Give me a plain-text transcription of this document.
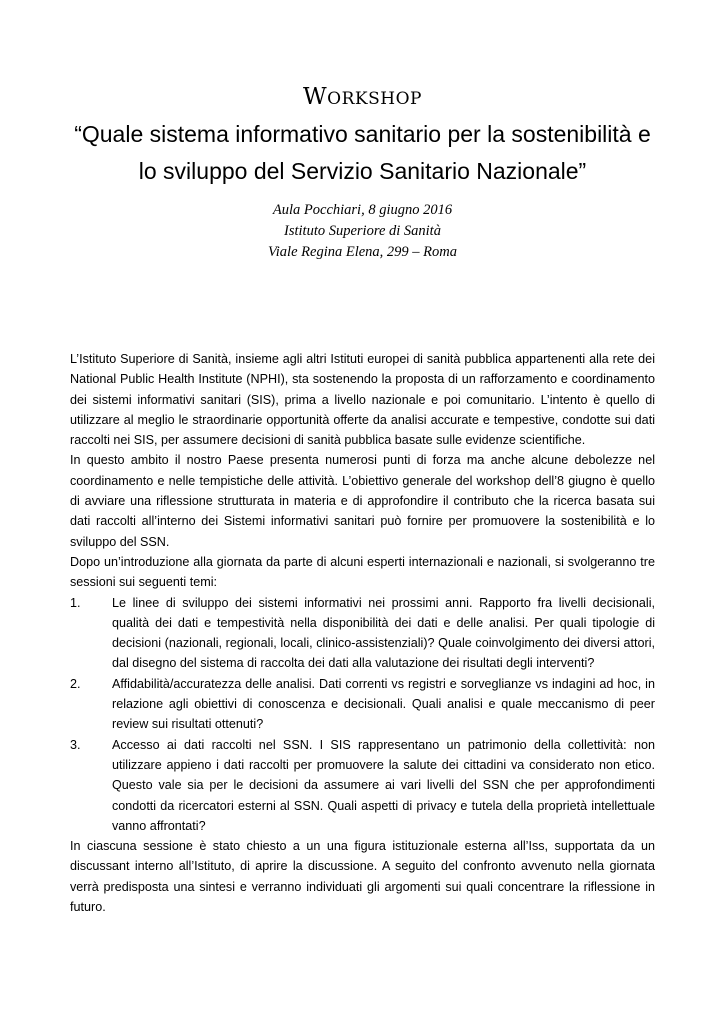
WORKSHOP
“Quale sistema informativo sanitario per la sostenibilità e
lo sviluppo del Servizio Sanitario Nazionale”
Aula Pocchiari, 8 giugno 2016
Istituto Superiore di Sanità
Viale Regina Elena, 299 – Roma

L’Istituto Superiore di Sanità, insieme agli altri Istituti europei di sanità pubblica appartenenti alla rete dei National Public Health Institute (NPHI), sta sostenendo la proposta di un rafforzamento e coordinamento dei sistemi informativi sanitari (SIS), prima a livello nazionale e poi comunitario. L’intento è quello di utilizzare al meglio le straordinarie opportunità offerte da analisi accurate e tempestive, condotte sui dati raccolti nei SIS, per assumere decisioni di sanità pubblica basate sulle evidenze scientifiche.

In questo ambito il nostro Paese presenta numerosi punti di forza ma anche alcune debolezze nel coordinamento e nelle tempistiche delle attività. L’obiettivo generale del workshop dell’8 giugno è quello di avviare una riflessione strutturata in materia e di approfondire il contributo che la ricerca basata sui dati raccolti all’interno dei Sistemi informativi sanitari può fornire per promuovere la sostenibilità e lo sviluppo del SSN.

Dopo un’introduzione alla giornata da parte di alcuni esperti internazionali e nazionali, si svolgeranno tre sessioni sui seguenti temi:

1.	Le linee di sviluppo dei sistemi informativi nei prossimi anni. Rapporto fra livelli decisionali, qualità dei dati e tempestività nella disponibilità dei dati e delle analisi. Per quali tipologie di decisioni (nazionali, regionali, locali, clinico-assistenziali)? Quale coinvolgimento dei diversi attori, dal disegno del sistema di raccolta dei dati alla valutazione dei risultati degli interventi?
2.	Affidabilità/accuratezza delle analisi. Dati correnti vs registri e sorveglianze vs indagini ad hoc, in relazione agli obiettivi di conoscenza e decisionali. Quali analisi e quale meccanismo di peer review sui risultati ottenuti?
3.	Accesso ai dati raccolti nel SSN. I SIS rappresentano un patrimonio della collettività: non utilizzare appieno i dati raccolti per promuovere la salute dei cittadini va considerato non etico. Questo vale sia per le decisioni da assumere ai vari livelli del SSN che per approfondimenti condotti da ricercatori esterni al SSN. Quali aspetti di privacy e tutela della proprietà intellettuale vanno affrontati?

In ciascuna sessione è stato chiesto a un una figura istituzionale esterna all’Iss, supportata da un discussant interno all’Istituto, di aprire la discussione. A seguito del confronto avvenuto nella giornata verrà predisposta una sintesi e verranno individuati gli argomenti sui quali concentrare la riflessione in futuro.
